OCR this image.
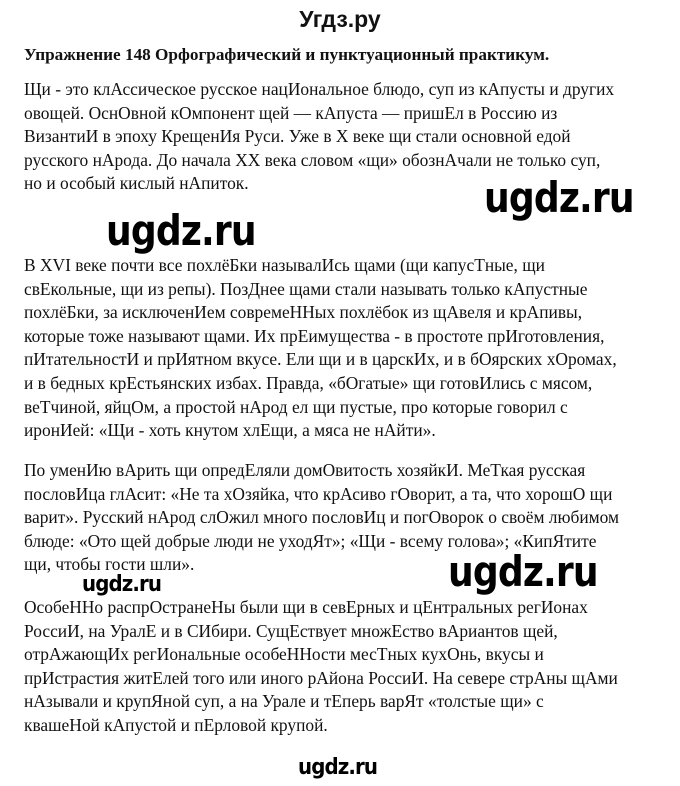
Угдз.ру
Упражнение 148 Орфографический и пунктуационный практикум.
Щи - это клАссическое русское нацИональное блюдо, суп из кАпусты и других
овощей. ОснОвной кОмпонент щей — кАпуста — пришЕл в Россию из
ВизантиИ в эпоху КрещенИя Руси. Уже в X веке щи стали основной едой
русского нАрода. До начала XX века словом «щи» обознАчали не только суп,
но и особый кислый нАпиток.	ugdz.ru
ugdz.ru
В XVI веке почти все похлёБки называлИсь щами (щи капусТные, щи
свЕкольные, щи из репы). ПозДнее щами стали называть только кАпустные
похлёБки, за исключенИем совремеННых похлёбок из щАвеля и крАпивы,
которые тоже называют щами. Их прЕимущества - в простоте прИготовления,
пИтательностИ и прИятном вкусе. Ели щи и в царскИх, и в бОярских хОромах,
и в бедных крЕстьянских избах. Правда, «бОгатые» щи готовИлись с мясом,
веТчиной, яйцОм, а простой нАрод ел щи пустые, про которые говорил с
иронИей: «Щи - хоть кнутом хлЕщи, а мяса не нАйти».
По уменИю вАрить щи опредЕляли домОвитость хозяйкИ. МеТкая русская
пословИца глАсит: «Не та хОзяйка, что крАсиво гОворит, а та, что хорошО щи
варит». Русский нАрод слОжил много пословИц и погОворок о своём любимом
блюде: «Ото щей добрые люди не уходЯт»; «Щи - всему голова»; «КипЯтите
щи, чтобы гости шли».	ugdz.ru
ugdz.ru
ОсобеННо распрОстранеНы были щи в севЕрных и цЕнтральных регИонах
РоссиИ, на УралЕ и в СИбири. СущЕствует множЕство вАриантов щей,
отрАжающИх регИональные особеННости месТных кухОнь, вкусы и
прИстрастия житЕлей того или иного рАйона РоссиИ. На севере стрАны щАми
нАзывали и крупЯной суп, а на Урале и тЕперь варЯт «толстые щи» с
квашеНой кАпустой и пЕрловой крупой.
ugdz.ru
